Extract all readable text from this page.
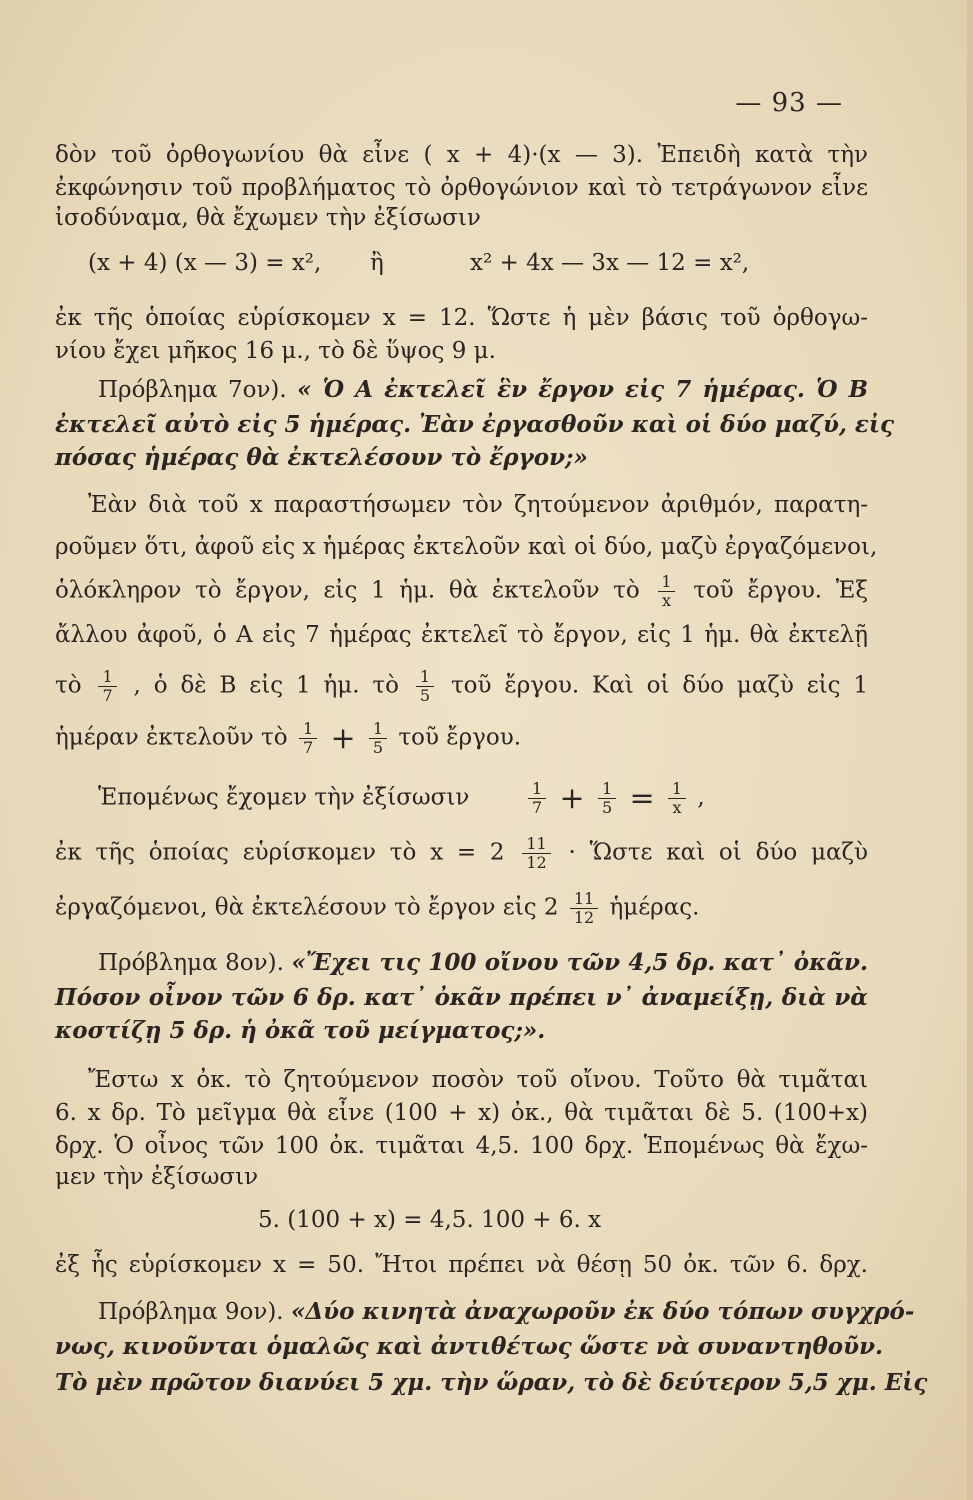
— 93 —
δὸν τοῦ ὀρθογωνίου θὰ εἶνε ( x + 4)·(x — 3). Ἐπειδὴ κατὰ τὴν
ἐκφώνησιν τοῦ προβλήματος τὸ ὀρθογώνιον καὶ τὸ τετράγωνον εἶνε
ἰσοδύναμα, θὰ ἔχωμεν τὴν ἐξίσωσιν
(x + 4) (x — 3) = x², ἢ	x² + 4x — 3x — 12 = x²,
ἐκ τῆς ὁποίας εὑρίσκομεν x = 12. Ὥστε ἡ μὲν βάσις τοῦ ὀρθογω-
νίου ἔχει μῆκος 16 μ., τὸ δὲ ὕψος 9 μ.
Πρόβλημα 7ον). « Ὁ Α ἐκτελεῖ ἓν ἔργον εἰς 7 ἡμέρας. Ὁ Β
ἐκτελεῖ αὐτὸ εἰς 5 ἡμέρας. Ἐὰν ἐργασθοῦν καὶ οἱ δύο μαζύ, εἰς
πόσας ἡμέρας θὰ ἐκτελέσουν τὸ ἔργον;»
Ἐὰν διὰ τοῦ x παραστήσωμεν τὸν ζητούμενον ἀριθμόν, παρατη-
ροῦμεν ὅτι, ἀφοῦ εἰς x ἡμέρας ἐκτελοῦν καὶ οἱ δύο, μαζὺ ἐργαζόμενοι,
ὁλόκληρον τὸ ἔργον, εἰς 1 ἡμ. θὰ ἐκτελοῦν τὸ $\frac{1}{x}$ τοῦ ἔργου. Ἐξ
ἄλλου ἀφοῦ, ὁ Α εἰς 7 ἡμέρας ἐκτελεῖ τὸ ἔργον, εἰς 1 ἡμ. θὰ ἐκτελῇ
τὸ $\frac{1}{7}$ , ὁ δὲ Β εἰς 1 ἡμ. τὸ $\frac{1}{5}$ τοῦ ἔργου. Καὶ οἱ δύο μαζὺ εἰς 1
ἡμέραν ἐκτελοῦν τὸ $\frac{1}{7} + \frac{1}{5}$ τοῦ ἔργου.
Ἑπομένως ἔχομεν τὴν ἐξίσωσιν	$\frac{1}{7} + \frac{1}{5} = \frac{1}{x}$ ,
ἐκ τῆς ὁποίας εὑρίσκομεν τὸ $x = 2 \frac{11}{12}$ · Ὥστε καὶ οἱ δύο μαζὺ
ἐργαζόμενοι, θὰ ἐκτελέσουν τὸ ἔργον εἰς $2 \frac{11}{12}$ ἡμέρας.
Πρόβλημα 8ον). «Ἔχει τις 100 οἴνου τῶν 4,5 δρ. κατ᾿ ὀκᾶν.
Πόσον οἶνον τῶν 6 δρ. κατ᾿ ὀκᾶν πρέπει ν᾿ ἀναμείξῃ, διὰ νὰ
κοστίζῃ 5 δρ. ἡ ὀκᾶ τοῦ μείγματος;».
Ἔστω x ὀκ. τὸ ζητούμενον ποσὸν τοῦ οἴνου. Τοῦτο θὰ τιμᾶται
6. x δρ. Τὸ μεῖγμα θὰ εἶνε (100 + x) ὀκ., θὰ τιμᾶται δὲ 5. (100+x)
δρχ. Ὁ οἶνος τῶν 100 ὀκ. τιμᾶται 4,5. 100 δρχ. Ἑπομένως θὰ ἔχω-
μεν τὴν ἐξίσωσιν
5. (100 + x) = 4,5. 100 + 6. x
ἐξ ἧς εὑρίσκομεν x = 50. Ἤτοι πρέπει νὰ θέσῃ 50 ὀκ. τῶν 6. δρχ.
Πρόβλημα 9ον). «Δύο κινητὰ ἀναχωροῦν ἐκ δύο τόπων συγχρό-
νως, κινοῦνται ὁμαλῶς καὶ ἀντιθέτως ὥστε νὰ συναντηθοῦν.
Τὸ μὲν πρῶτον διανύει 5 χμ. τὴν ὥραν, τὸ δὲ δεύτερον 5,5 χμ. Εἰς
